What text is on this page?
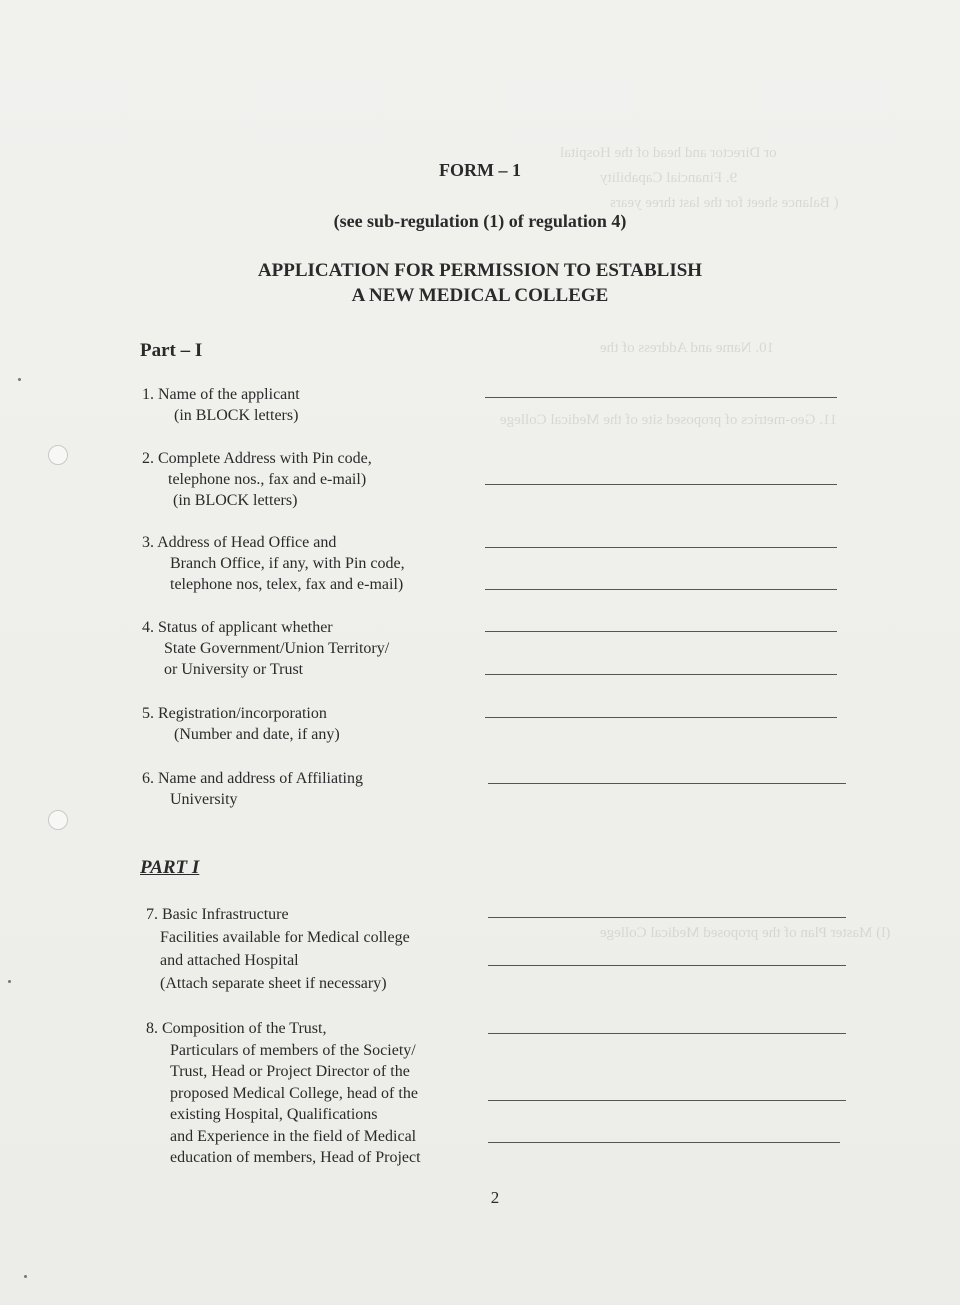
or Director and head of the Hospital
9. Financial Capability
( Balance sheet for the last three years
10. Name and Address of the
11. Geo-metrics of proposed site of the Medical College
(l) Master Plan of the proposed Medical College
FORM – 1
(see sub-regulation (1) of regulation 4)
APPLICATION FOR PERMISSION TO ESTABLISH
A NEW MEDICAL COLLEGE
Part – I
1. Name of the applicant
(in BLOCK letters)
2. Complete Address with Pin code,
telephone nos., fax and e-mail)
(in BLOCK letters)
3. Address of Head Office and
Branch Office, if any, with Pin code,
telephone nos, telex, fax and e-mail)
4. Status of applicant whether
State Government/Union Territory/
or University or Trust
5. Registration/incorporation
(Number and date, if any)
6. Name and address of Affiliating
University
PART I
7. Basic Infrastructure
Facilities available for Medical college
and attached Hospital
(Attach separate sheet if necessary)
8. Composition of the Trust,
Particulars of members of the Society/
Trust, Head or Project Director of the
proposed Medical College, head of the
existing Hospital, Qualifications
and Experience in the field of Medical
education of members, Head of Project
2
